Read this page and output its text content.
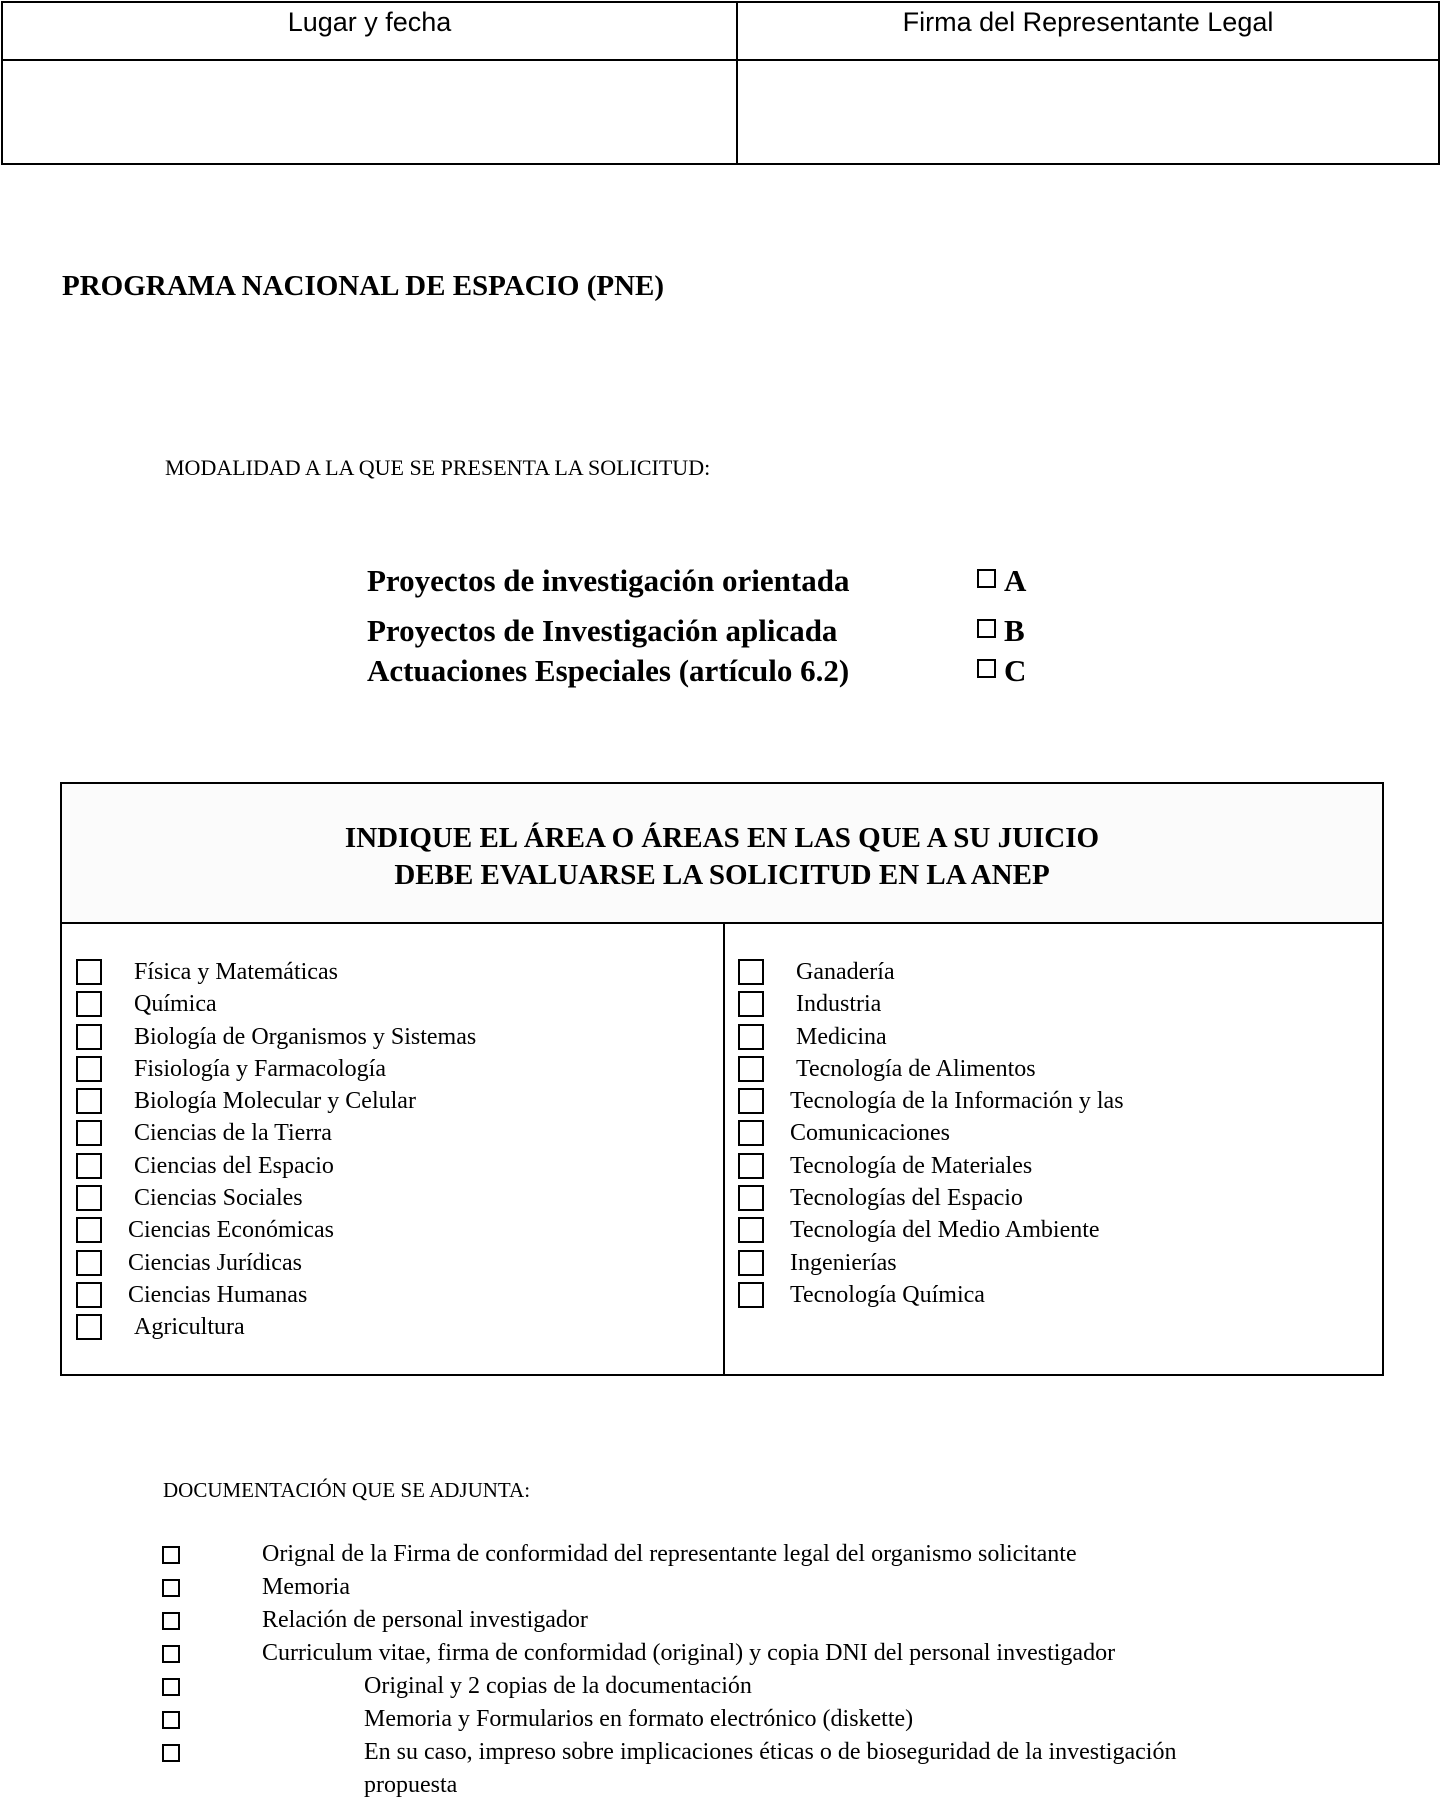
Lugar y fecha	Firma del Representante Legal
PROGRAMA NACIONAL DE ESPACIO (PNE)
MODALIDAD A LA QUE SE PRESENTA LA SOLICITUD:
Proyectos de investigación orientada	A
Proyectos de Investigación aplicada	B
Actuaciones Especiales (artículo 6.2)	C
INDIQUE EL ÁREA O ÁREAS EN LAS QUE A SU JUICIO
DEBE EVALUARSE LA SOLICITUD EN LA ANEP
Física y Matemáticas
Química
Biología de Organismos y Sistemas
Fisiología y Farmacología
Biología Molecular y Celular
Ciencias de la Tierra
Ciencias del Espacio
Ciencias Sociales
Ciencias Económicas
Ciencias Jurídicas
Ciencias Humanas
Agricultura
Ganadería
Industria
Medicina
Tecnología de Alimentos
Tecnología de la Información y las
Comunicaciones
Tecnología de Materiales
Tecnologías del Espacio
Tecnología del Medio Ambiente
Ingenierías
Tecnología Química
DOCUMENTACIÓN QUE SE ADJUNTA:
Orignal de la Firma de conformidad del representante legal del organismo solicitante
Memoria
Relación de personal investigador
Curriculum vitae, firma de conformidad (original) y copia DNI del personal investigador
Original y 2 copias de la documentación
Memoria y Formularios en formato electrónico (diskette)
En su caso, impreso sobre implicaciones éticas o de bioseguridad de la investigación propuesta
